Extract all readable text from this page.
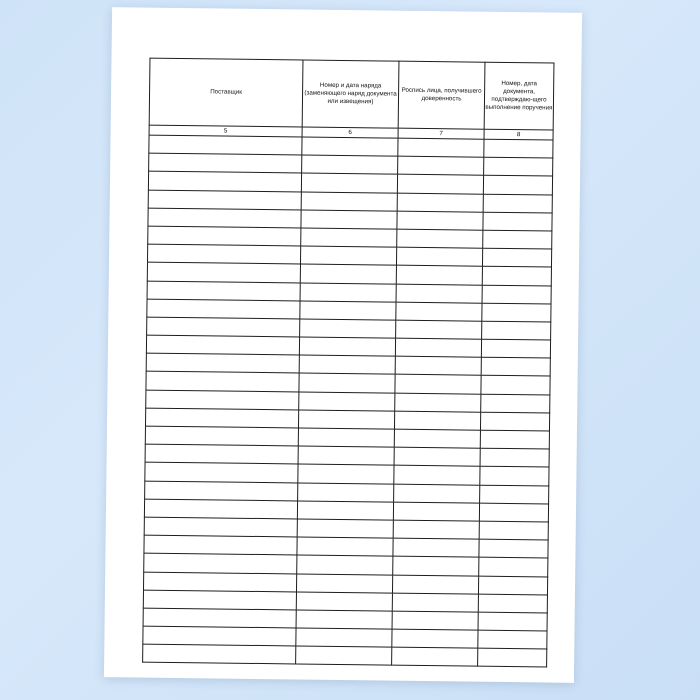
Поставщик	Номер и дата наряда (заменяющего наряд документа или извещения)	Роспись лица, получившего доверенность	Номер, дата документа, подтверждаю-щего выполнение поручения
5	6	7	8
